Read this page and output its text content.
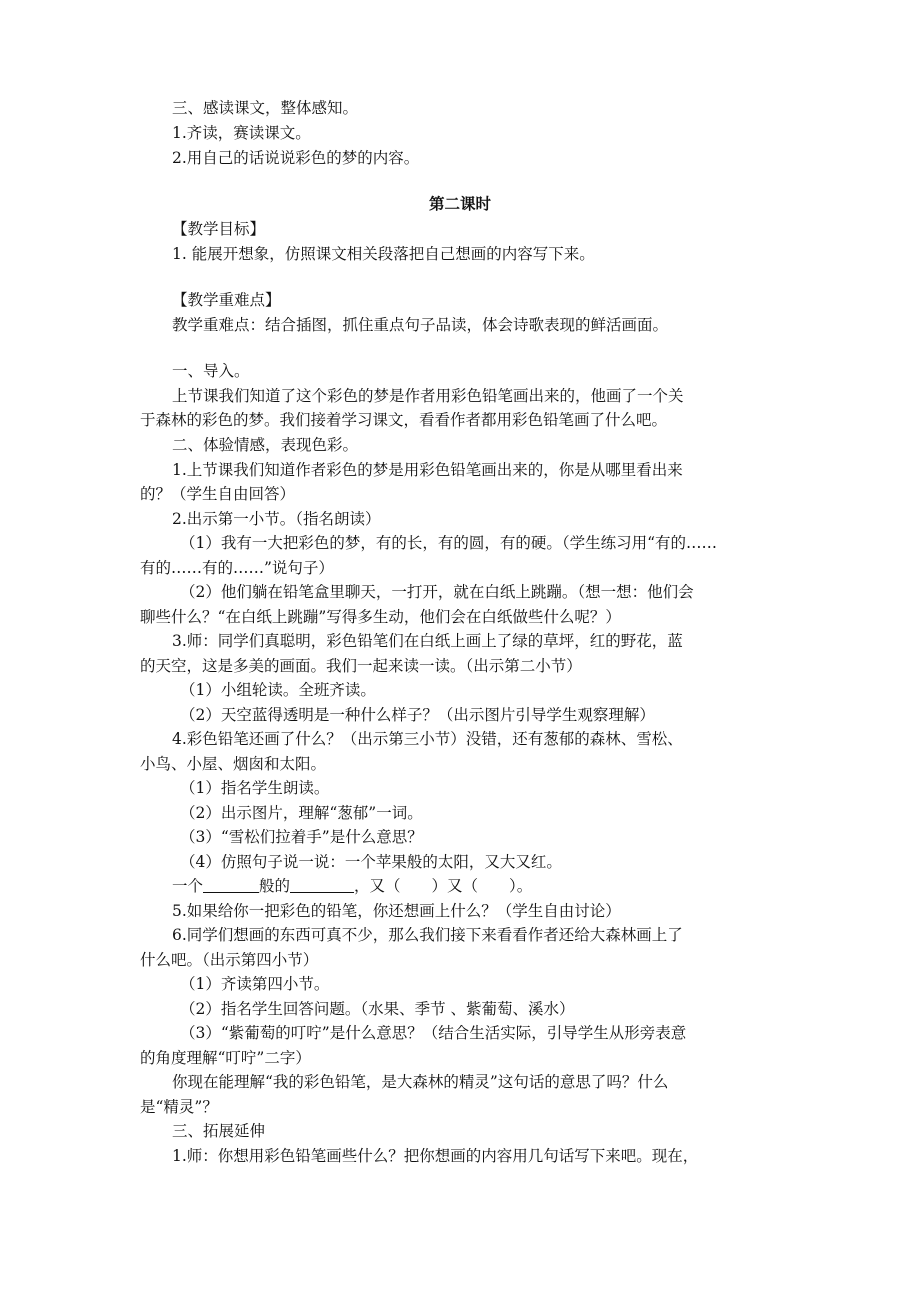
三、感读课文，整体感知。
1.齐读，赛读课文。
2.用自己的话说说彩色的梦的内容。
第二课时
【教学目标】
1. 能展开想象，仿照课文相关段落把自己想画的内容写下来。
【教学重难点】
教学重难点：结合插图，抓住重点句子品读，体会诗歌表现的鲜活画面。
一、导入。
上节课我们知道了这个彩色的梦是作者用彩色铅笔画出来的，他画了一个关
于森林的彩色的梦。我们接着学习课文，看看作者都用彩色铅笔画了什么吧。
二、体验情感，表现色彩。
1.上节课我们知道作者彩色的梦是用彩色铅笔画出来的，你是从哪里看出来
的？（学生自由回答）
2.出示第一小节。（指名朗读）
（1）我有一大把彩色的梦，有的长，有的圆，有的硬。（学生练习用“有的……
有的……有的……”说句子）
（2）他们躺在铅笔盒里聊天，一打开，就在白纸上跳蹦。（想一想：他们会
聊些什么？“在白纸上跳蹦”写得多生动，他们会在白纸做些什么呢？）
3.师：同学们真聪明，彩色铅笔们在白纸上画上了绿的草坪，红的野花，蓝
的天空，这是多美的画面。我们一起来读一读。（出示第二小节）
（1）小组轮读。全班齐读。
（2）天空蓝得透明是一种什么样子？（出示图片引导学生观察理解）
4.彩色铅笔还画了什么？（出示第三小节）没错，还有葱郁的森林、雪松、
小鸟、小屋、烟囱和太阳。
（1）指名学生朗读。
（2）出示图片，理解“葱郁”一词。
（3）“雪松们拉着手”是什么意思？
（4）仿照句子说一说：一个苹果般的太阳，又大又红。
一个	般的	，又（　　）又（　　）。
5.如果给你一把彩色的铅笔，你还想画上什么？（学生自由讨论）
6.同学们想画的东西可真不少，那么我们接下来看看作者还给大森林画上了
什么吧。（出示第四小节）
（1）齐读第四小节。
（2）指名学生回答问题。（水果、季节 、紫葡萄、溪水）
（3）“紫葡萄的叮咛”是什么意思？（结合生活实际，引导学生从形旁表意
的角度理解“叮咛”二字）
你现在能理解“我的彩色铅笔，是大森林的精灵”这句话的意思了吗？什么
是“精灵”？
三、拓展延伸
1.师：你想用彩色铅笔画些什么？把你想画的内容用几句话写下来吧。现在，
